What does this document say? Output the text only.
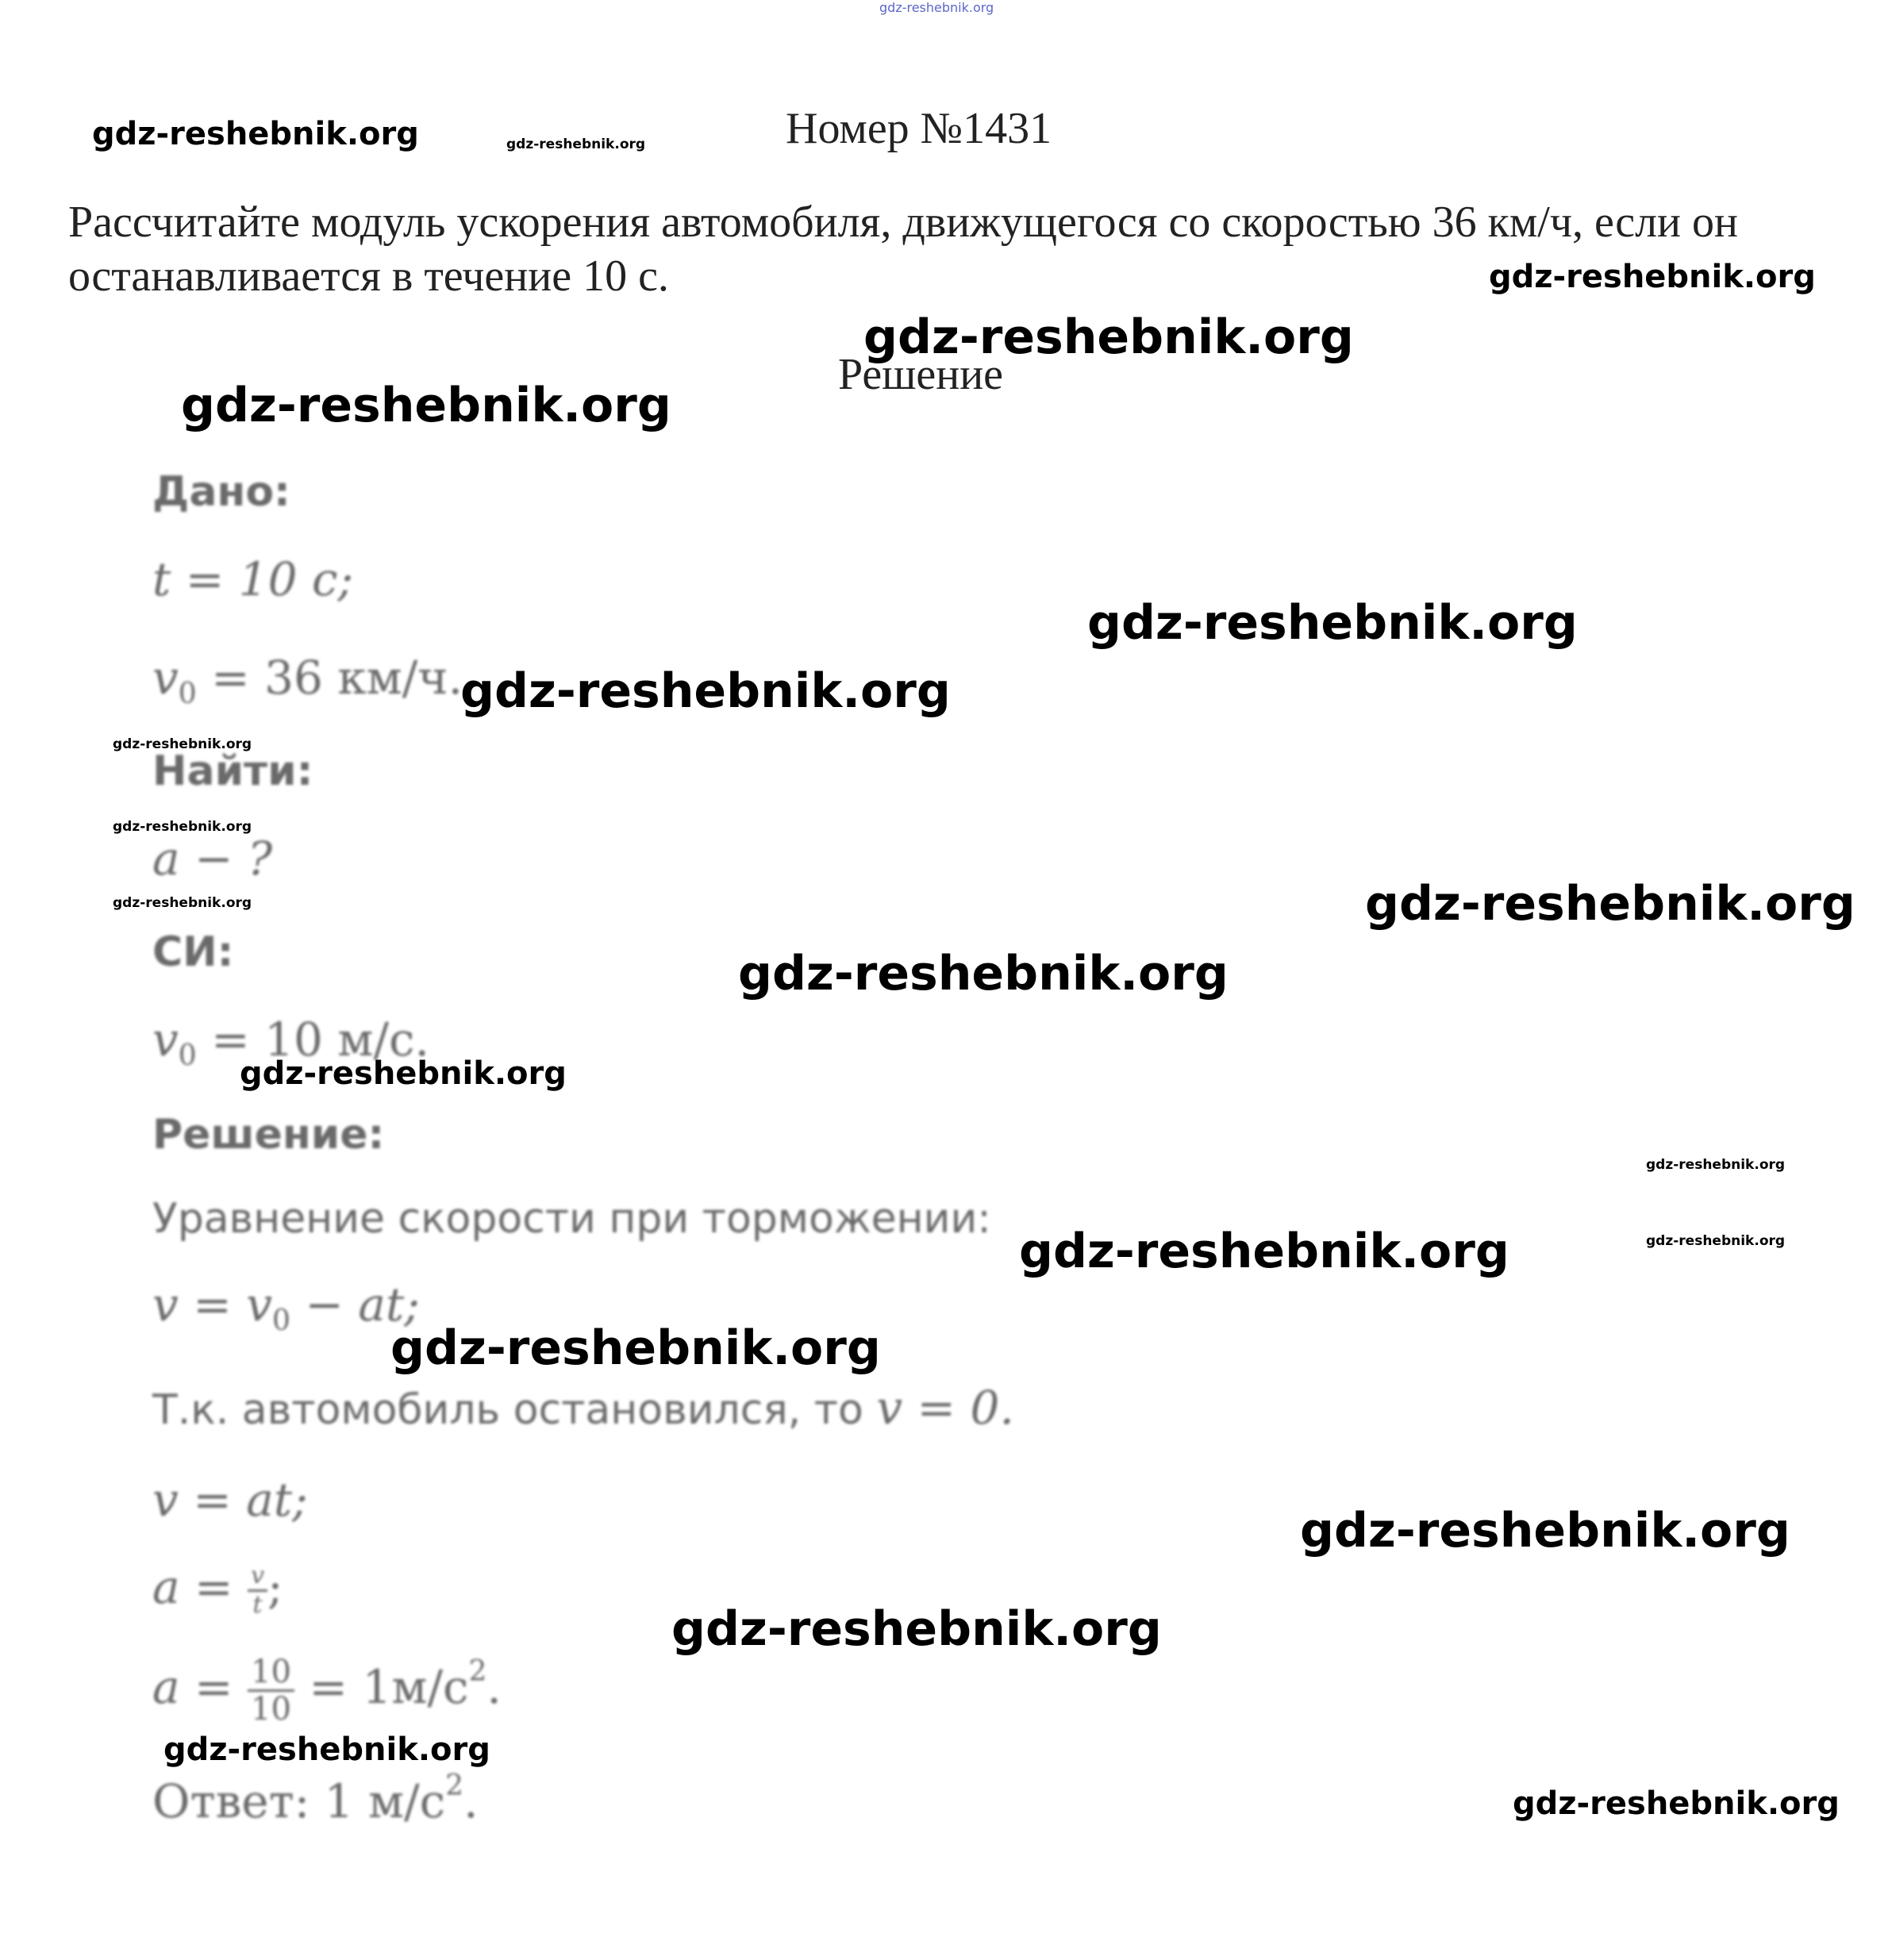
gdz-reshebnik.org
gdz-reshebnik.org	gdz-reshebnik.org	Номер №1431
Рассчитайте модуль ускорения автомобиля, движущегося со скоростью 36 км/ч, если он останавливается в течение 10 с.	gdz-reshebnik.org
gdz-reshebnik.org
Решение
gdz-reshebnik.org
Дано:
t = 10 c;
$v_0 = 36$ км/ч.
Найти:
a − ?
СИ:
$v_0 = 10$ м/с.
Решение:
Уравнение скорости при торможении:
$v = v_0$ − at;
Т.к. автомобиль остановился, то v = 0.
v = at;
$a = \frac{v}{t}$ ;
$a = \frac{10}{10} = 1м/с^2$.
Ответ: 1 $м/с^2$.
gdz-reshebnik.org
gdz-reshebnik.org
gdz-reshebnik.org
gdz-reshebnik.org
gdz-reshebnik.org	gdz-reshebnik.org
gdz-reshebnik.org
gdz-reshebnik.org
gdz-reshebnik.org
gdz-reshebnik.org
gdz-reshebnik.org
gdz-reshebnik.org
gdz-reshebnik.org
gdz-reshebnik.org
gdz-reshebnik.org
gdz-reshebnik.org
